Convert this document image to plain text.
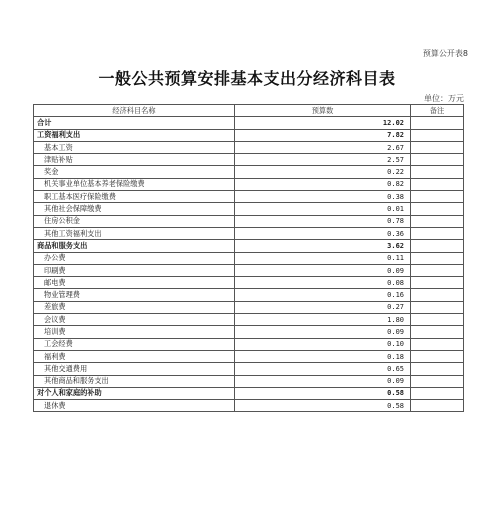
预算公开表8
一般公共预算安排基本支出分经济科目表
单位：万元
经济科目名称	预算数	备注
合计	12.02	
工资福利支出	7.82	
基本工资	2.67	
津贴补贴	2.57	
奖金	0.22	
机关事业单位基本养老保险缴费	0.82	
职工基本医疗保险缴费	0.38	
其他社会保障缴费	0.01	
住房公积金	0.78	
其他工资福利支出	0.36	
商品和服务支出	3.62	
办公费	0.11	
印刷费	0.09	
邮电费	0.08	
物业管理费	0.16	
差旅费	0.27	
会议费	1.80	
培训费	0.09	
工会经费	0.10	
福利费	0.18	
其他交通费用	0.65	
其他商品和服务支出	0.09	
对个人和家庭的补助	0.58	
退休费	0.58	
